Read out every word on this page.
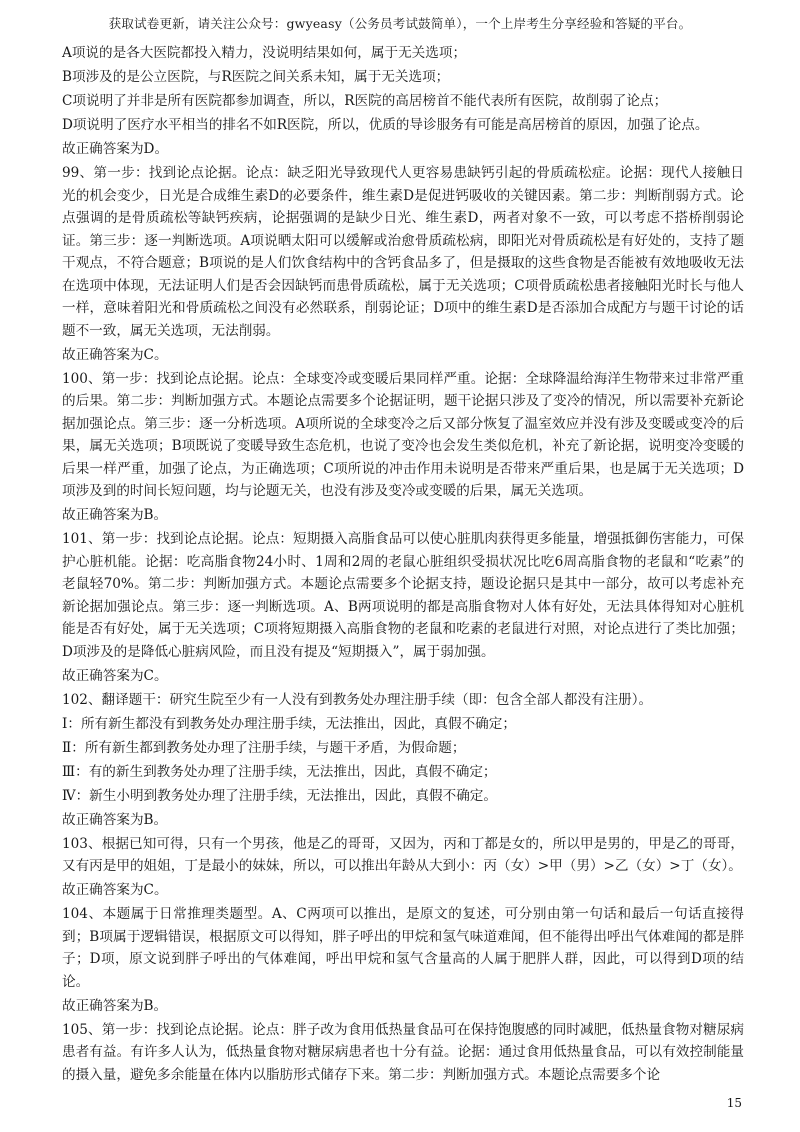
获取试卷更新，请关注公众号：gwyeasy（公务员考试鼓简单），一个上岸考生分享经验和答疑的平台。

A项说的是各大医院都投入精力，没说明结果如何，属于无关选项；

B项涉及的是公立医院，与R医院之间关系未知，属于无关选项；

C项说明了并非是所有医院都参加调查，所以，R医院的高居榜首不能代表所有医院，故削弱了论点；

D项说明了医疗水平相当的排名不如R医院，所以，优质的导诊服务有可能是高居榜首的原因，加强了论点。

故正确答案为D。

99、第一步：找到论点论据。论点：缺乏阳光导致现代人更容易患缺钙引起的骨质疏松症。论据：现代人接触日光的机会变少，日光是合成维生素D的必要条件，维生素D是促进钙吸收的关键因素。第二步：判断削弱方式。论点强调的是骨质疏松等缺钙疾病，论据强调的是缺少日光、维生素D，两者对象不一致，可以考虑不搭桥削弱论证。第三步：逐一判断选项。A项说晒太阳可以缓解或治愈骨质疏松病，即阳光对骨质疏松是有好处的，支持了题干观点，不符合题意；B项说的是人们饮食结构中的含钙食品多了，但是摄取的这些食物是否能被有效地吸收无法在选项中体现，无法证明人们是否会因缺钙而患骨质疏松，属于无关选项；C项骨质疏松患者接触阳光时长与他人一样，意味着阳光和骨质疏松之间没有必然联系，削弱论证；D项中的维生素D是否添加合成配方与题干讨论的话题不一致，属无关选项，无法削弱。

故正确答案为C。

100、第一步：找到论点论据。论点：全球变冷或变暖后果同样严重。论据：全球降温给海洋生物带来过非常严重的后果。第二步：判断加强方式。本题论点需要多个论据证明，题干论据只涉及了变冷的情况，所以需要补充新论据加强论点。第三步：逐一分析选项。A项所说的全球变冷之后又部分恢复了温室效应并没有涉及变暖或变冷的后果，属无关选项；B项既说了变暖导致生态危机，也说了变冷也会发生类似危机，补充了新论据，说明变冷变暖的后果一样严重，加强了论点，为正确选项；C项所说的冲击作用未说明是否带来严重后果，也是属于无关选项；D项涉及到的时间长短问题，均与论题无关，也没有涉及变冷或变暖的后果，属无关选项。

故正确答案为B。

101、第一步：找到论点论据。论点：短期摄入高脂食品可以使心脏肌肉获得更多能量，增强抵御伤害能力，可保护心脏机能。论据：吃高脂食物24小时、1周和2周的老鼠心脏组织受损状况比吃6周高脂食物的老鼠和“吃素”的老鼠轻70%。第二步：判断加强方式。本题论点需要多个论据支持，题设论据只是其中一部分，故可以考虑补充新论据加强论点。第三步：逐一判断选项。A、B两项说明的都是高脂食物对人体有好处，无法具体得知对心脏机能是否有好处，属于无关选项；C项将短期摄入高脂食物的老鼠和吃素的老鼠进行对照，对论点进行了类比加强；D项涉及的是降低心脏病风险，而且没有提及“短期摄入”，属于弱加强。

故正确答案为C。

102、翻译题干：研究生院至少有一人没有到教务处办理注册手续（即：包含全部人都没有注册）。

Ⅰ：所有新生都没有到教务处办理注册手续，无法推出，因此，真假不确定；

Ⅱ：所有新生都到教务处办理了注册手续，与题干矛盾，为假命题；

Ⅲ：有的新生到教务处办理了注册手续，无法推出，因此，真假不确定；

Ⅳ：新生小明到教务处办理了注册手续，无法推出，因此，真假不确定。

故正确答案为B。

103、根据已知可得，只有一个男孩，他是乙的哥哥，又因为，丙和丁都是女的，所以甲是男的，甲是乙的哥哥，又有丙是甲的姐姐，丁是最小的妹妹，所以，可以推出年龄从大到小：丙（女）>甲（男）>乙（女）>丁（女）。

故正确答案为C。

104、本题属于日常推理类题型。A、C两项可以推出，是原文的复述，可分别由第一句话和最后一句话直接得到；B项属于逻辑错误，根据原文可以得知，胖子呼出的甲烷和氢气味道难闻，但不能得出呼出气体难闻的都是胖子；D项，原文说到胖子呼出的气体难闻，呼出甲烷和氢气含量高的人属于肥胖人群，因此，可以得到D项的结论。

故正确答案为B。

105、第一步：找到论点论据。论点：胖子改为食用低热量食品可在保持饱腹感的同时减肥，低热量食物对糖尿病患者有益。有许多人认为，低热量食物对糖尿病患者也十分有益。论据：通过食用低热量食品，可以有效控制能量的摄入量，避免多余能量在体内以脂肪形式储存下来。第二步：判断加强方式。本题论点需要多个论

15
